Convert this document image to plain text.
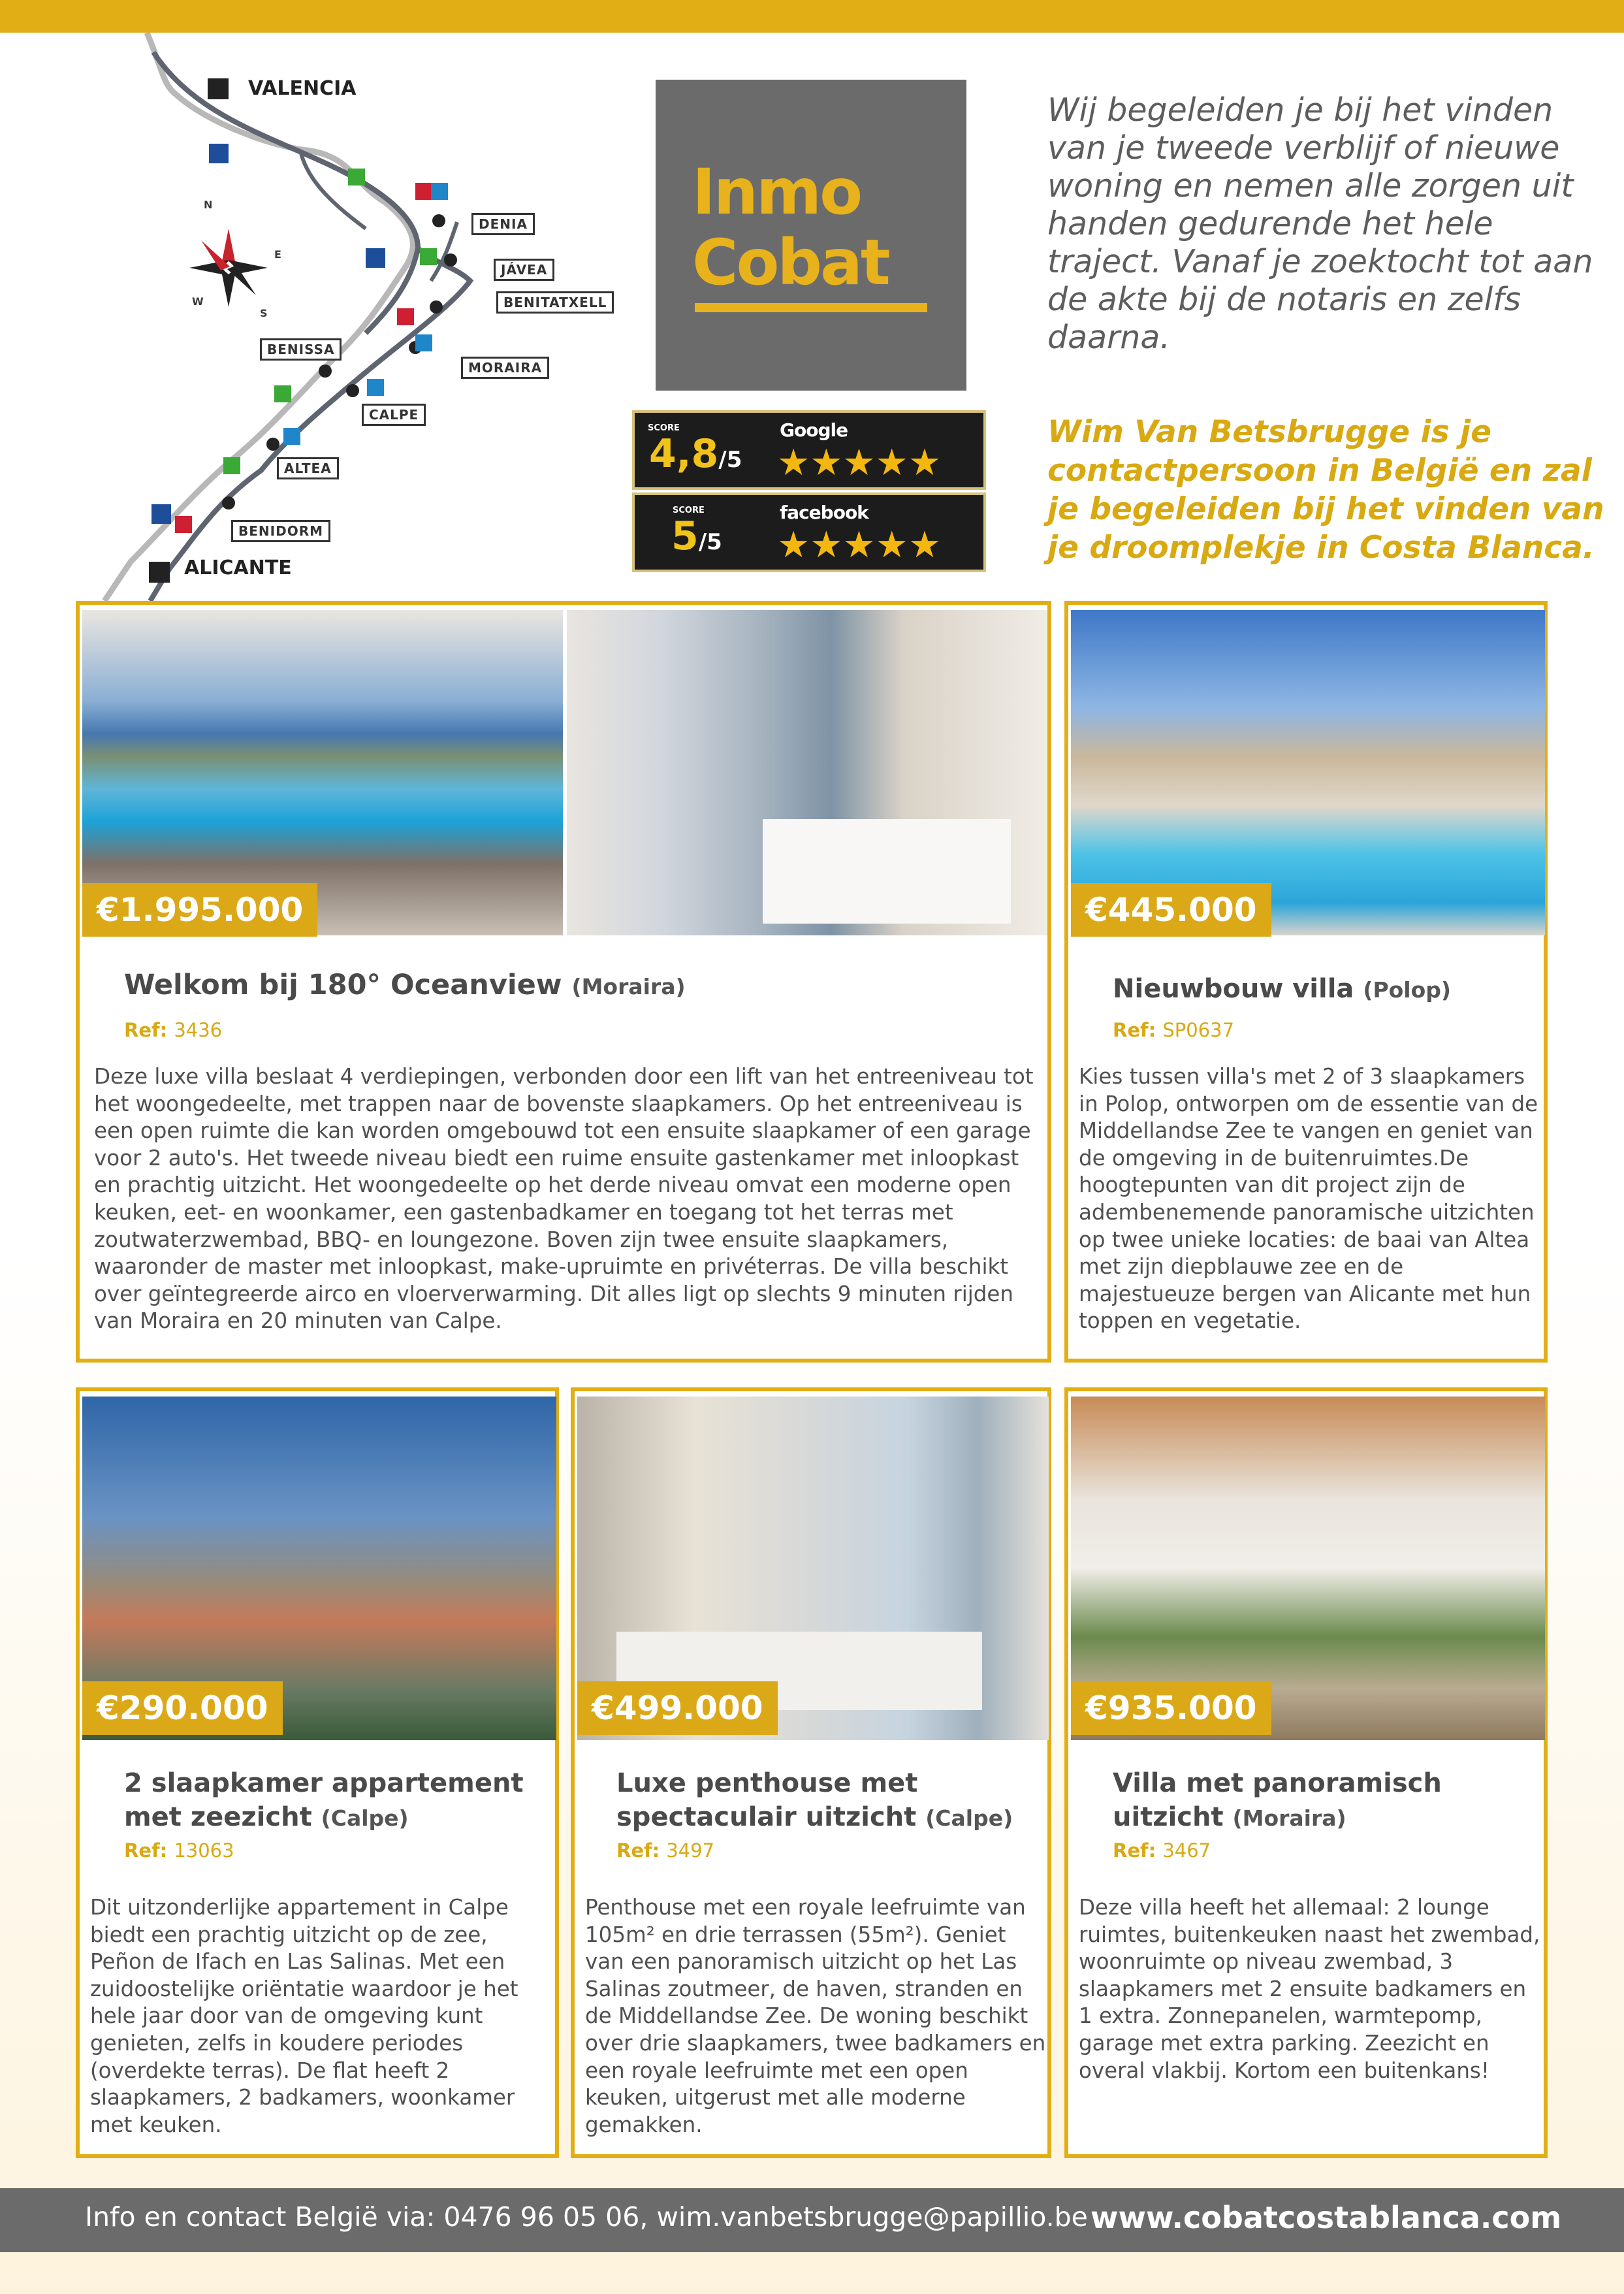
VALENCIA
ALICANTE
DENIA
JÁVEA
BENITATXELL
MORAIRA
BENISSA
CALPE
ALTEA
BENIDORM
N
E
S
W
Inmo
Cobat
SCORE
4,8/5
Google
★★★★★
SCORE
5/5
facebook
★★★★★
Wij begeleiden je bij het vinden van je tweede verblijf of nieuwe woning en nemen alle zorgen uit handen gedurende het hele traject. Vanaf je zoektocht tot aan de akte bij de notaris en zelfs daarna.
Wim Van Betsbrugge is je contactpersoon in België en zal je begeleiden bij het vinden van je droomplekje in Costa Blanca.
€1.995.000
Welkom bij 180° Oceanview (Moraira)
Ref: 3436
Deze luxe villa beslaat 4 verdiepingen, verbonden door een lift van het entreeniveau tot het woongedeelte, met trappen naar de bovenste slaapkamers. Op het entreeniveau is een open ruimte die kan worden omgebouwd tot een ensuite slaapkamer of een garage voor 2 auto's. Het tweede niveau biedt een ruime ensuite gastenkamer met inloopkast en prachtig uitzicht. Het woongedeelte op het derde niveau omvat een moderne open keuken, eet- en woonkamer, een gastenbadkamer en toegang tot het terras met zoutwaterzwembad, BBQ- en loungezone. Boven zijn twee ensuite slaapkamers, waaronder de master met inloopkast, make-upruimte en privéterras. De villa beschikt over geïntegreerde airco en vloerverwarming. Dit alles ligt op slechts 9 minuten rijden van Moraira en 20 minuten van Calpe.
€445.000
Nieuwbouw villa (Polop)
Ref: SP0637
Kies tussen villa's met 2 of 3 slaapkamers in Polop, ontworpen om de essentie van de Middellandse Zee te vangen en geniet van de omgeving in de buitenruimtes.De hoogtepunten van dit project zijn de adembenemende panoramische uitzichten op twee unieke locaties: de baai van Altea met zijn diepblauwe zee en de majestueuze bergen van Alicante met hun toppen en vegetatie.
€290.000
2 slaapkamer appartement met zeezicht (Calpe)
Ref: 13063
Dit uitzonderlijke appartement in Calpe biedt een prachtig uitzicht op de zee, Peñon de Ifach en Las Salinas. Met een zuidoostelijke oriëntatie waardoor je het hele jaar door van de omgeving kunt genieten, zelfs in koudere periodes (overdekte terras). De flat heeft 2 slaapkamers, 2 badkamers, woonkamer met keuken.
€499.000
Luxe penthouse met spectaculair uitzicht (Calpe)
Ref: 3497
Penthouse met een royale leefruimte van 105m² en drie terrassen (55m²). Geniet van een panoramisch uitzicht op het Las Salinas zoutmeer, de haven, stranden en de Middellandse Zee. De woning beschikt over drie slaapkamers, twee badkamers en een royale leefruimte met een open keuken, uitgerust met alle moderne gemakken.
€935.000
Villa met panoramisch uitzicht (Moraira)
Ref: 3467
Deze villa heeft het allemaal: 2 lounge ruimtes, buitenkeuken naast het zwembad, woonruimte op niveau zwembad, 3 slaapkamers met 2 ensuite badkamers en 1 extra. Zonnepanelen, warmtepomp, garage met extra parking. Zeezicht en overal vlakbij. Kortom een buitenkans!
Info en contact België via: 0476 96 05 06, wim.vanbetsbrugge@papillio.be www.cobatcostablanca.com
